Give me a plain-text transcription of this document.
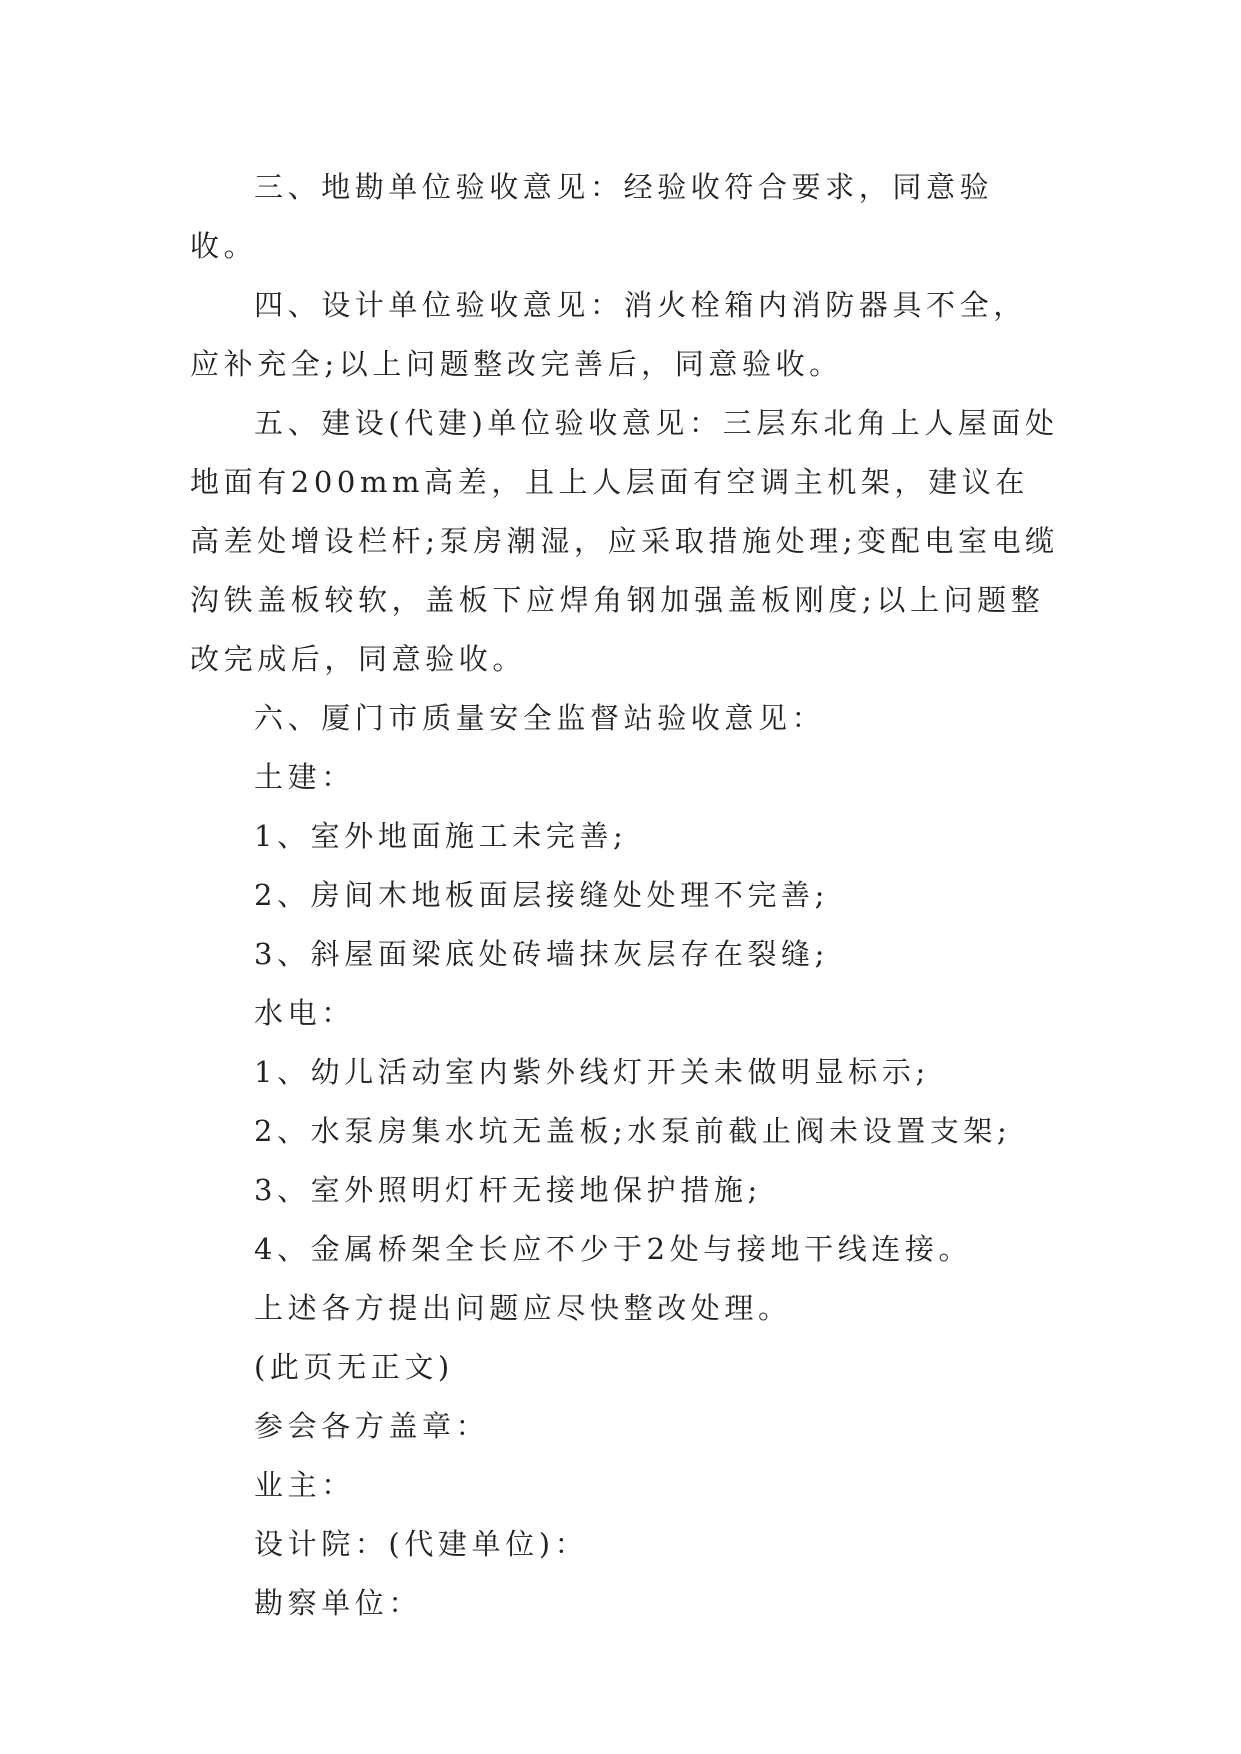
三、地勘单位验收意见：经验收符合要求，同意验收。

四、设计单位验收意见：消火栓箱内消防器具不全，应补充全;以上问题整改完善后，同意验收。

五、建设(代建)单位验收意见：三层东北角上人屋面处地面有200mm高差，且上人层面有空调主机架，建议在高差处增设栏杆;泵房潮湿，应采取措施处理;变配电室电缆沟铁盖板较软，盖板下应焊角钢加强盖板刚度;以上问题整改完成后，同意验收。

六、厦门市质量安全监督站验收意见：

土建：

1、室外地面施工未完善;

2、房间木地板面层接缝处处理不完善;

3、斜屋面梁底处砖墙抹灰层存在裂缝;

水电：

1、幼儿活动室内紫外线灯开关未做明显标示;

2、水泵房集水坑无盖板;水泵前截止阀未设置支架;

3、室外照明灯杆无接地保护措施;

4、金属桥架全长应不少于2处与接地干线连接。

上述各方提出问题应尽快整改处理。

(此页无正文)

参会各方盖章：

业主：

设计院：(代建单位)：

勘察单位：
